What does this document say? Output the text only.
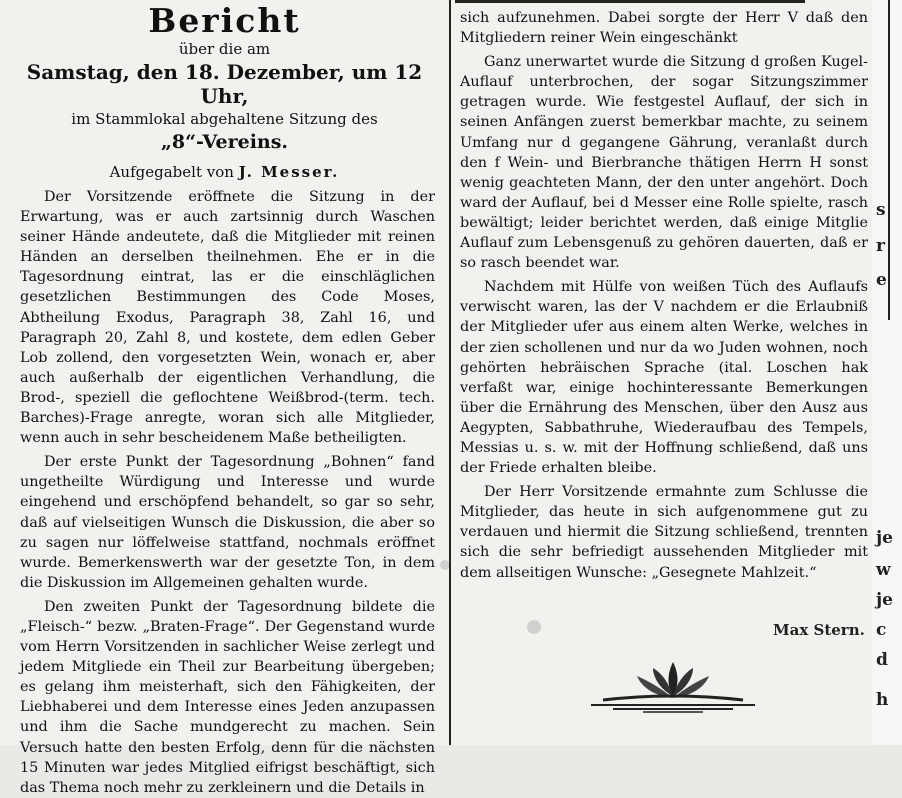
Bericht

über die am

Samstag, den 18. Dezember, um 12 Uhr,

im Stammlokal abgehaltene Sitzung des

„8“-Vereins.

Aufgegabelt von J. Messer.

Der Vorsitzende eröffnete die Sitzung in der Erwartung, was er auch zartsinnig durch Waschen seiner Hände andeutete, daß die Mitglieder mit reinen Händen an derselben theilnehmen. Ehe er in die Tagesordnung eintrat, las er die einschläglichen gesetzlichen Bestimmungen des Code Moses, Abtheilung Exodus, Paragraph 38, Zahl 16, und Paragraph 20, Zahl 8, und kostete, dem edlen Geber Lob zollend, den vorgesetzten Wein, wonach er, aber auch außerhalb der eigentlichen Verhandlung, die Brod-, speziell die geflochtene Weißbrod-(term. tech. Barches)-Frage anregte, woran sich alle Mitglieder, wenn auch in sehr bescheidenem Maße betheiligten.

Der erste Punkt der Tagesordnung „Bohnen“ fand ungetheilte Würdigung und Interesse und wurde eingehend und erschöpfend behandelt, so gar so sehr, daß auf vielseitigen Wunsch die Diskussion, die aber so zu sagen nur löffelweise stattfand, nochmals eröffnet wurde. Bemerkenswerth war der gesetzte Ton, in dem die Diskussion im Allgemeinen gehalten wurde.

Den zweiten Punkt der Tagesordnung bildete die „Fleisch-“ bezw. „Braten-Frage“. Der Gegenstand wurde vom Herrn Vorsitzenden in sachlicher Weise zerlegt und jedem Mitgliede ein Theil zur Bearbeitung übergeben; es gelang ihm meisterhaft, sich den Fähigkeiten, der Liebhaberei und dem Interesse eines Jeden anzupassen und ihm die Sache mundgerecht zu machen. Sein Versuch hatte den besten Erfolg, denn für die nächsten 15 Minuten war jedes Mitglied eifrigst beschäftigt, sich das Thema noch mehr zu zerkleinern und die Details in

sich aufzunehmen. Dabei sorgte der Herr V daß den Mitgliedern reiner Wein eingeschänkt

Ganz unerwartet wurde die Sitzung d großen Kugel-Auflauf unterbrochen, der sogar Sitzungszimmer getragen wurde. Wie festgestel Auflauf, der sich in seinen Anfängen zuerst bemerkbar machte, zu seinem Umfang nur d gegangene Gährung, veranlaßt durch den f Wein- und Bierbranche thätigen Herrn H sonst wenig geachteten Mann, der den unter angehört. Doch ward der Auflauf, bei d Messer eine Rolle spielte, rasch bewältigt; leider berichtet werden, daß einige Mitglie Auflauf zum Lebensgenuß zu gehören dauerten, daß er so rasch beendet war.

Nachdem mit Hülfe von weißen Tüch des Auflaufs verwischt waren, las der V nachdem er die Erlaubniß der Mitglieder ufer aus einem alten Werke, welches in der zien schollenen und nur da wo Juden wohnen, noch gehörten hebräischen Sprache (ital. Loschen hak verfaßt war, einige hochinteressante Bemerkungen über die Ernährung des Menschen, über den Ausz aus Aegypten, Sabbathruhe, Wiederaufbau des Tempels, Messias u. s. w. mit der Hoffnung schließend, daß uns der Friede erhalten bleibe.

Der Herr Vorsitzende ermahnte zum Schlusse die Mitglieder, das heute in sich aufgenommene gut zu verdauen und hiermit die Sitzung schließend, trennten sich die sehr befriedigt aussehenden Mitglieder mit dem allseitigen Wunsche: „Gesegnete Mahlzeit.“

Max Stern.
s
r
e
je
w
je
c
d
h
